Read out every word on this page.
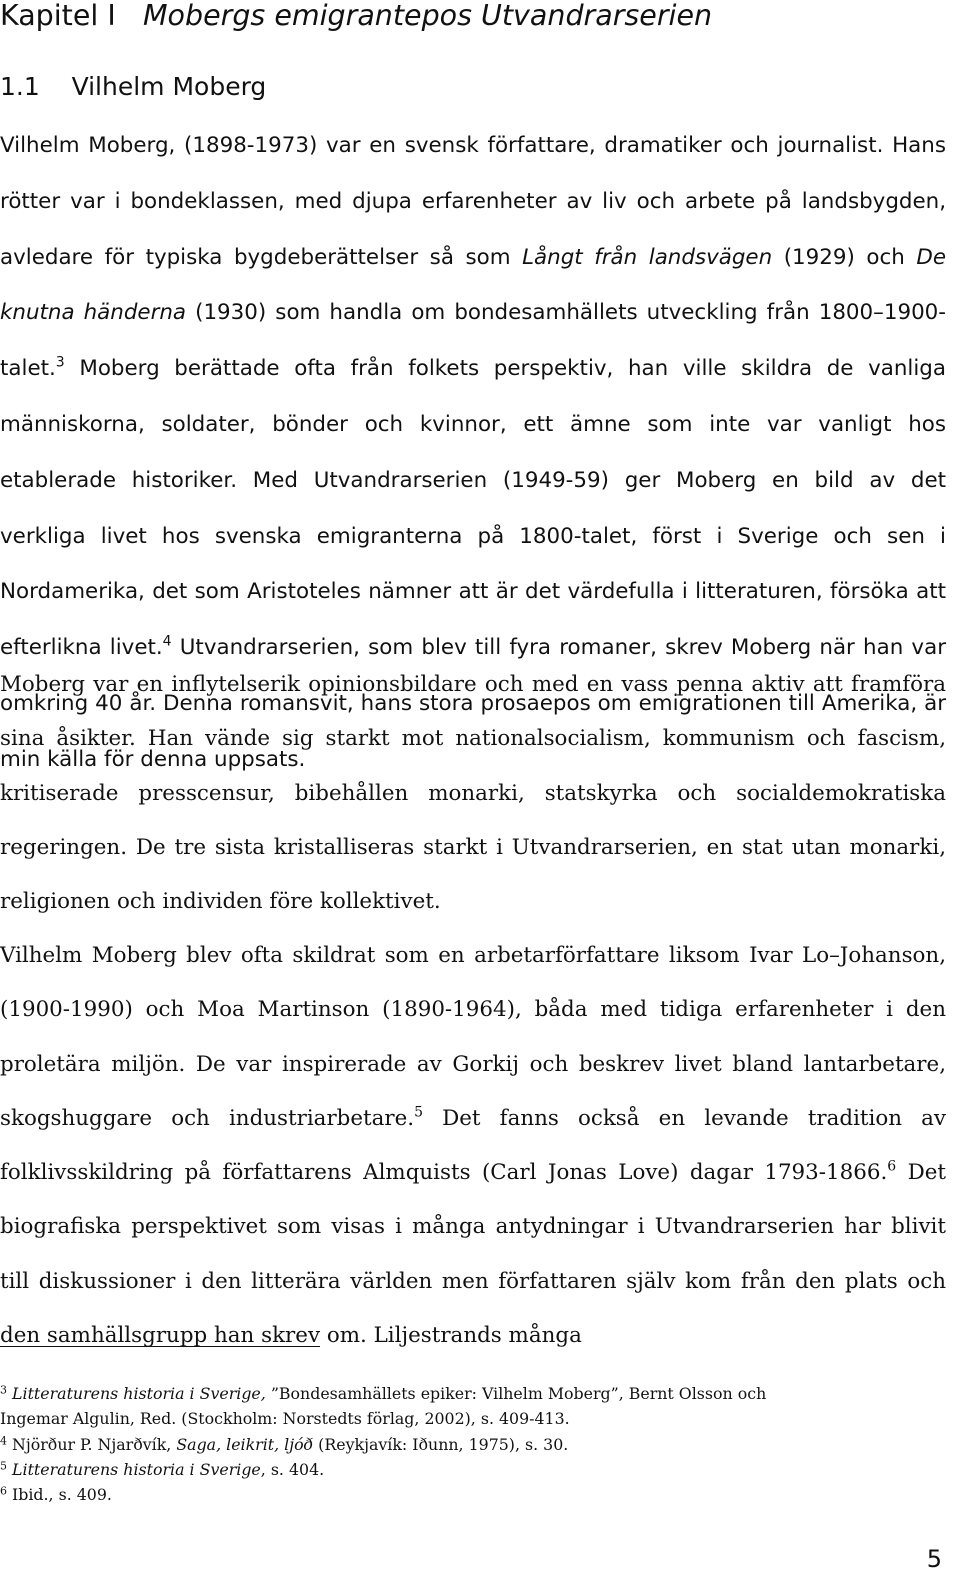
Kapitel I Mobergs emigrantepos Utvandrarserien
1.1 Vilhelm Moberg

Vilhelm Moberg, (1898-1973) var en svensk författare, dramatiker och journalist. Hans rötter var i bondeklassen, med djupa erfarenheter av liv och arbete på landsbygden, avledare för typiska bygdeberättelser så som Långt från landsvägen (1929) och De knutna händerna (1930) som handla om bondesamhällets utveckling från 1800–1900-talet.$^3$ Moberg berättade ofta från folkets perspektiv, han ville skildra de vanliga människorna, soldater, bönder och kvinnor, ett ämne som inte var vanligt hos etablerade historiker. Med Utvandrarserien (1949-59) ger Moberg en bild av det verkliga livet hos svenska emigranterna på 1800-talet, först i Sverige och sen i Nordamerika, det som Aristoteles nämner att är det värdefulla i litteraturen, försöka att efterlikna livet.$^4$ Utvandrarserien, som blev till fyra romaner, skrev Moberg när han var omkring 40 år. Denna romansvit, hans stora prosaepos om emigrationen till Amerika, är min källa för denna uppsats.

Moberg var en inflytelserik opinionsbildare och med en vass penna aktiv att framföra sina åsikter. Han vände sig starkt mot nationalsocialism, kommunism och fascism, kritiserade presscensur, bibehållen monarki, statskyrka och socialdemokratiska regeringen. De tre sista kristalliseras starkt i Utvandrarserien, en stat utan monarki, religionen och individen före kollektivet.

Vilhelm Moberg blev ofta skildrat som en arbetarförfattare liksom Ivar Lo–Johanson, (1900-1990) och Moa Martinson (1890-1964), båda med tidiga erfarenheter i den proletära miljön. De var inspirerade av Gorkij och beskrev livet bland lantarbetare, skogshuggare och industriarbetare.$^5$ Det fanns också en levande tradition av folklivsskildring på författarens Almquists (Carl Jonas Love) dagar 1793-1866.$^6$ Det biografiska perspektivet som visas i många antydningar i Utvandrarserien har blivit till diskussioner i den litterära världen men författaren själv kom från den plats och den samhällsgrupp han skrev om. Liljestrands många

$^3$ Litteraturens historia i Sverige, ”Bondesamhällets epiker: Vilhelm Moberg”, Bernt Olsson och

Ingemar Algulin, Red. (Stockholm: Norstedts förlag, 2002), s. 409-413.

$^4$ Njörður P. Njarðvík, Saga, leikrit, ljóð (Reykjavík: Iðunn, 1975), s. 30.

$^5$ Litteraturens historia i Sverige, s. 404.

$^6$ Ibid., s. 409.

5
